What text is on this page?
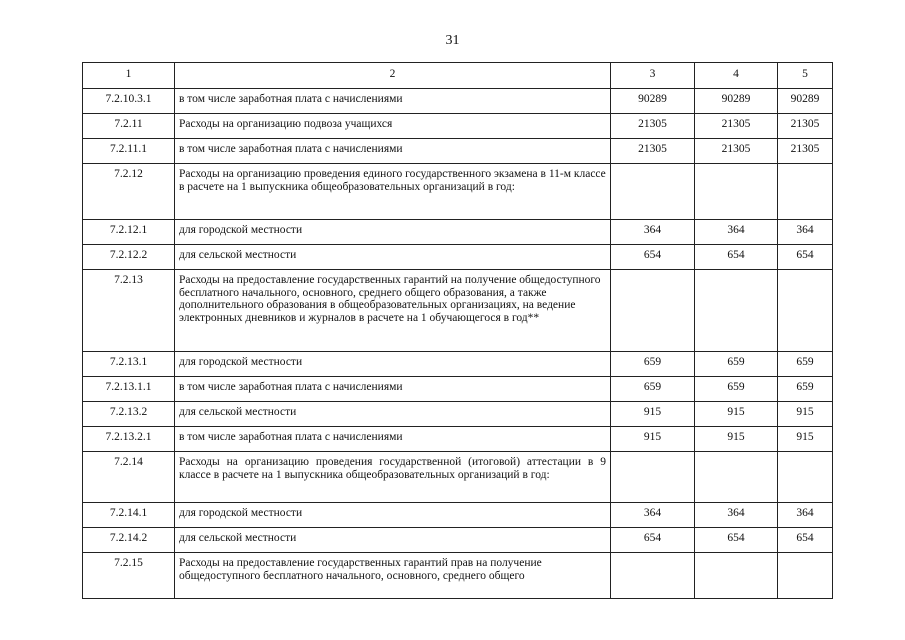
31
1	2	3	4	5
7.2.10.3.1	в том числе заработная плата с начислениями	90289	90289	90289
7.2.11	Расходы на организацию подвоза учащихся	21305	21305	21305
7.2.11.1	в том числе заработная плата с начислениями	21305	21305	21305
7.2.12	Расходы на организацию проведения единого государственного экзамена в 11-м классе в расчете на 1 выпускника общеобразовательных организаций в год:			
7.2.12.1	для городской местности	364	364	364
7.2.12.2	для сельской местности	654	654	654
7.2.13	Расходы на предоставление государственных гарантий на получение общедоступного бесплатного начального, основного, среднего общего образования, а также дополнительного образования в общеобразовательных организациях, на ведение электронных дневников и журналов в расчете на 1 обучающегося в год**			
7.2.13.1	для городской местности	659	659	659
7.2.13.1.1	в том числе заработная плата с начислениями	659	659	659
7.2.13.2	для сельской местности	915	915	915
7.2.13.2.1	в том числе заработная плата с начислениями	915	915	915
7.2.14	Расходы на организацию проведения государственной (итоговой) аттестации в 9 классе в расчете на 1 выпускника общеобразовательных организаций в год:			
7.2.14.1	для городской местности	364	364	364
7.2.14.2	для сельской местности	654	654	654
7.2.15	Расходы на предоставление государственных гарантий прав на получение общедоступного бесплатного начального, основного, среднего общего			
